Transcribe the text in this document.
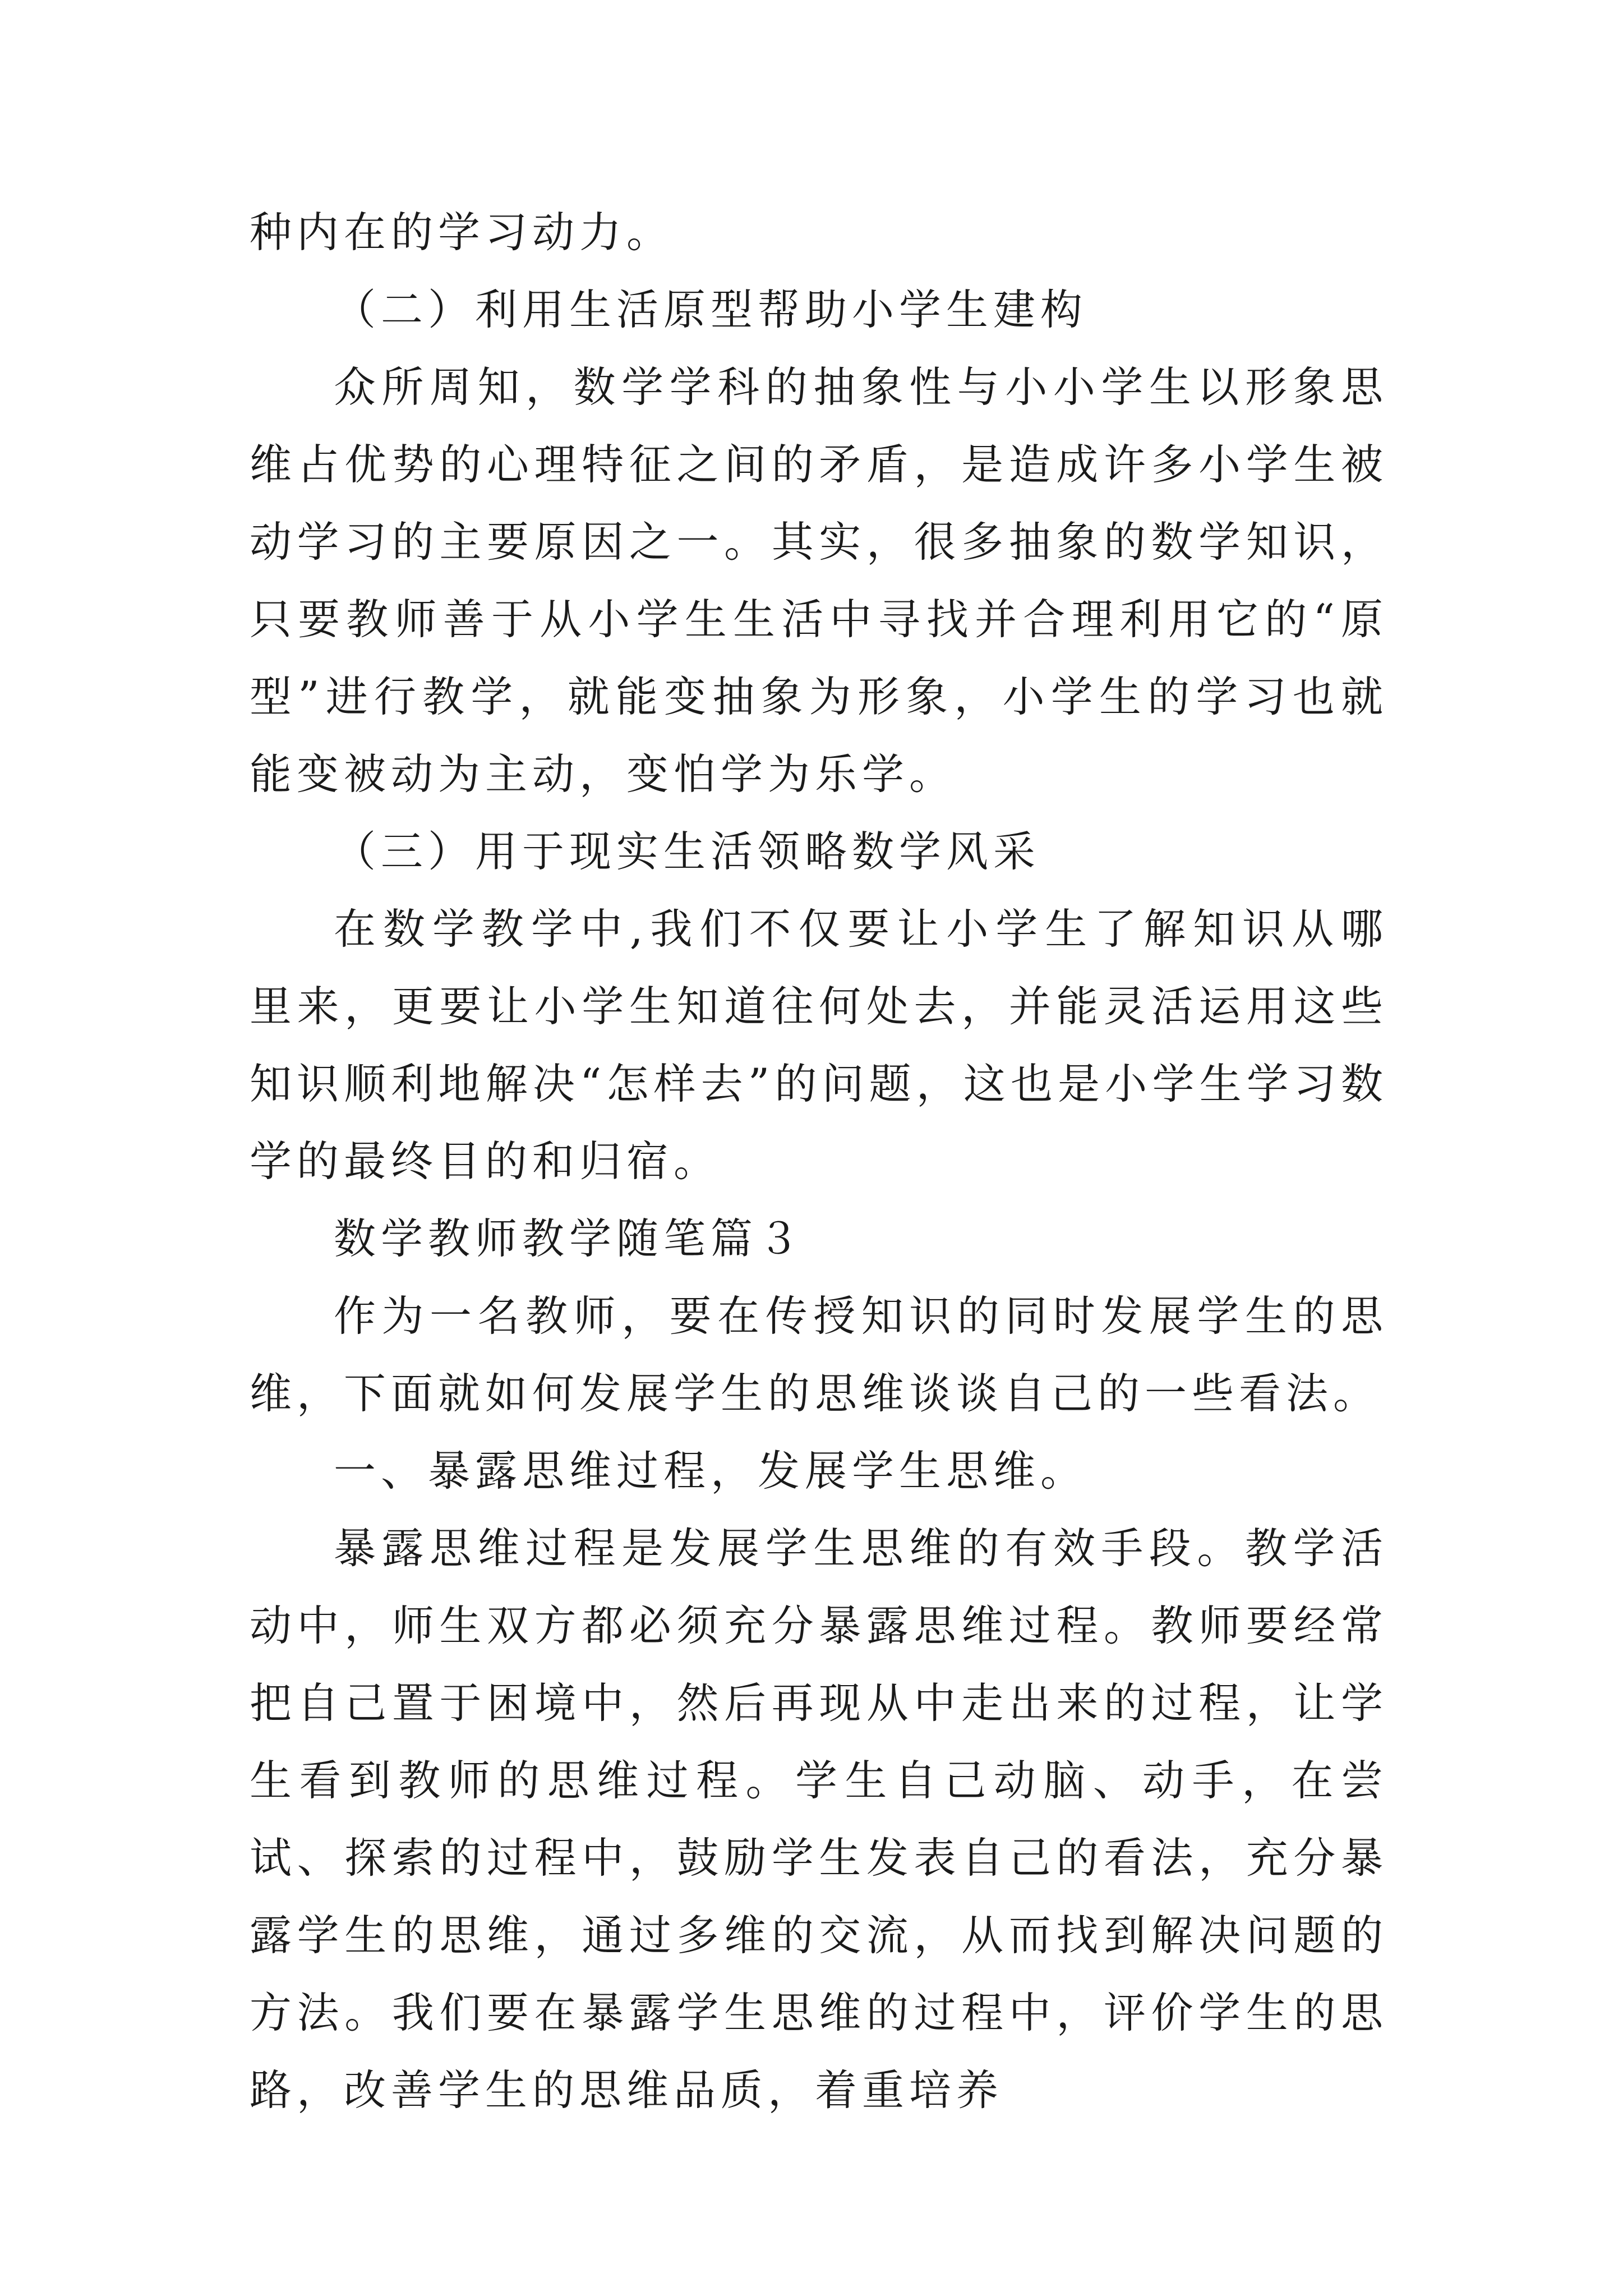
种内在的学习动力。

（二）利用生活原型帮助小学生建构

众所周知，数学学科的抽象性与小小学生以形象思维占优势的心理特征之间的矛盾，是造成许多小学生被动学习的主要原因之一。其实，很多抽象的数学知识，只要教师善于从小学生生活中寻找并合理利用它的“原型”进行教学，就能变抽象为形象，小学生的学习也就能变被动为主动，变怕学为乐学。

（三）用于现实生活领略数学风采

在数学教学中,我们不仅要让小学生了解知识从哪里来，更要让小学生知道往何处去，并能灵活运用这些知识顺利地解决“怎样去”的问题，这也是小学生学习数学的最终目的和归宿。

数学教师教学随笔篇３

作为一名教师，要在传授知识的同时发展学生的思维，下面就如何发展学生的思维谈谈自己的一些看法。

一、暴露思维过程，发展学生思维。

暴露思维过程是发展学生思维的有效手段。教学活动中，师生双方都必须充分暴露思维过程。教师要经常把自己置于困境中，然后再现从中走出来的过程，让学生看到教师的思维过程。学生自己动脑、动手，在尝试、探索的过程中，鼓励学生发表自己的看法，充分暴露学生的思维，通过多维的交流，从而找到解决问题的方法。我们要在暴露学生思维的过程中，评价学生的思路，改善学生的思维品质，着重培养
